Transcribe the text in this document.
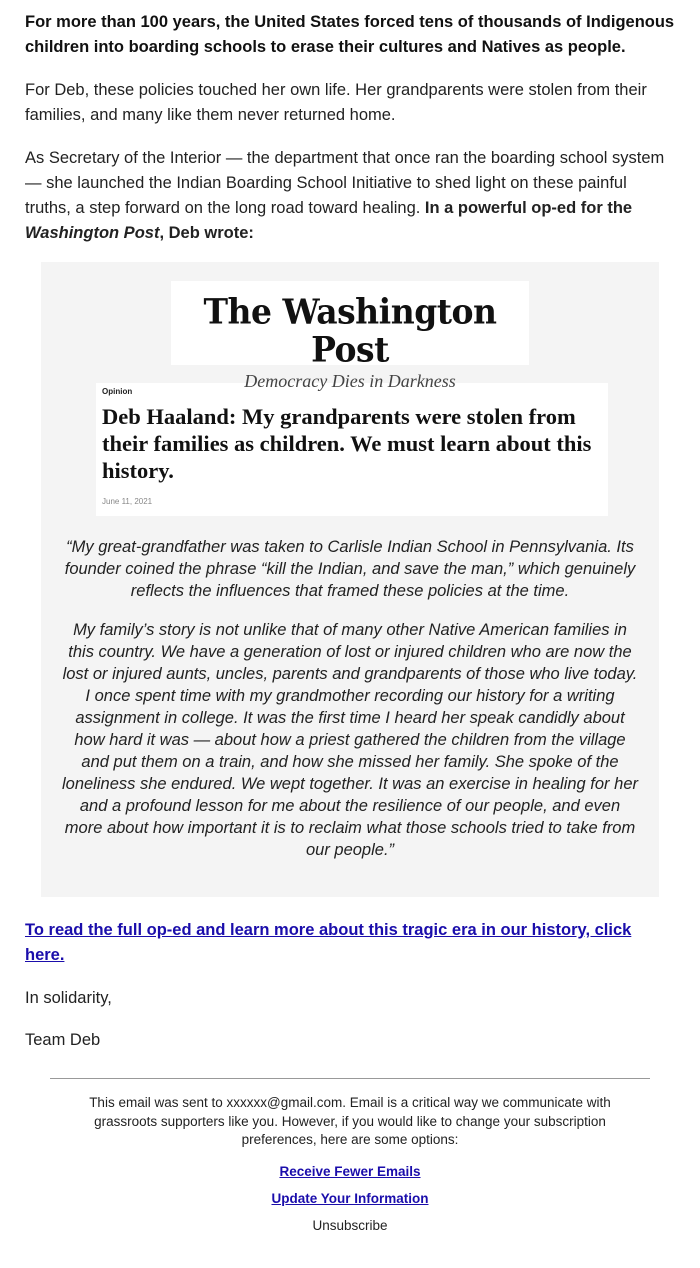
For more than 100 years, the United States forced tens of thousands of Indigenous children into boarding schools to erase their cultures and Natives as people.

For Deb, these policies touched her own life. Her grandparents were stolen from their families, and many like them never returned home.

As Secretary of the Interior — the department that once ran the boarding school system — she launched the Indian Boarding School Initiative to shed light on these painful truths, a step forward on the long road toward healing. In a powerful op-ed for the Washington Post, Deb wrote:

The Washington Post
Democracy Dies in Darkness
Opinion
Deb Haaland: My grandparents were stolen from their families as children. We must learn about this history.
June 11, 2021

“My great-grandfather was taken to Carlisle Indian School in Pennsylvania. Its founder coined the phrase “kill the Indian, and save the man,” which genuinely reflects the influences that framed these policies at the time.

My family’s story is not unlike that of many other Native American families in this country. We have a generation of lost or injured children who are now the lost or injured aunts, uncles, parents and grandparents of those who live today. I once spent time with my grandmother recording our history for a writing assignment in college. It was the first time I heard her speak candidly about how hard it was — about how a priest gathered the children from the village and put them on a train, and how she missed her family. She spoke of the loneliness she endured. We wept together. It was an exercise in healing for her and a profound lesson for me about the resilience of our people, and even more about how important it is to reclaim what those schools tried to take from our people.”

To read the full op-ed and learn more about this tragic era in our history, click here.
In solidarity,
Team Deb
This email was sent to xxxxxx@gmail.com. Email is a critical way we communicate with grassroots supporters like you. However, if you would like to change your subscription preferences, here are some options:
Receive Fewer Emails
Update Your Information
Unsubscribe
